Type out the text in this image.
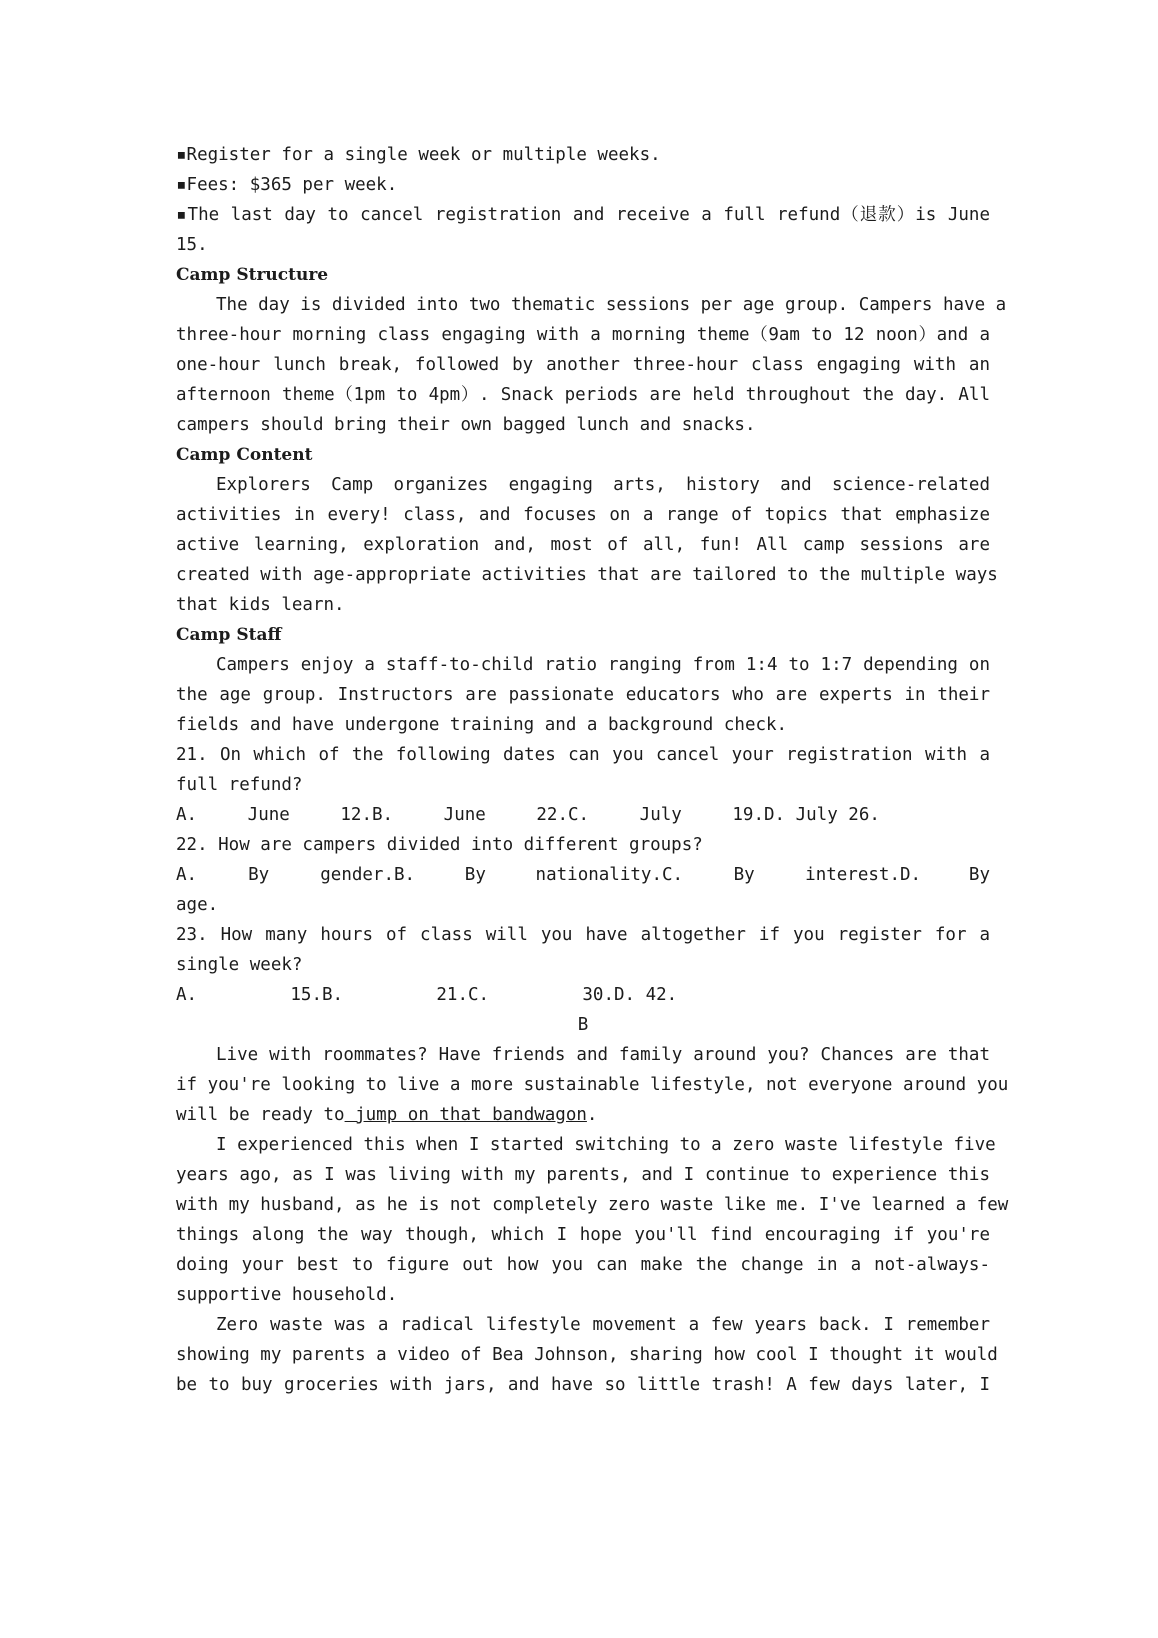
▪Register for a single week or multiple weeks.
▪Fees: $365 per week.
▪The last day to cancel registration and receive a full refund（退款）is June
15.
Camp Structure
The day is divided into two thematic sessions per age group. Campers have a
three-hour morning class engaging with a morning theme（9am to 12 noon）and a
one-hour lunch break, followed by another three-hour class engaging with an
afternoon theme（1pm to 4pm）. Snack periods are held throughout the day. All
campers should bring their own bagged lunch and snacks.
Camp Content
Explorers Camp organizes engaging arts, history and science-related
activities in every! class, and focuses on a range of topics that emphasize
active learning, exploration and, most of all, fun! All camp sessions are
created with age-appropriate activities that are tailored to the multiple ways
that kids learn.
Camp Staff
Campers enjoy a staff-to-child ratio ranging from 1:4 to 1:7 depending on
the age group. Instructors are passionate educators who are experts in their
fields and have undergone training and a background check.
21. On which of the following dates can you cancel your registration with a
full refund?
A. June 12. B. June 22. C. July 19. D. July 26.
22. How are campers divided into different groups?
A. By gender. B. By nationality. C. By interest. D. By
age.
23. How many hours of class will you have altogether if you register for a
single week?
A. 15. B. 21. C. 30. D. 42.
B
Live with roommates? Have friends and family around you? Chances are that
if you're looking to live a more sustainable lifestyle, not everyone around you
will be ready to jump on that bandwagon.
I experienced this when I started switching to a zero waste lifestyle five
years ago, as I was living with my parents, and I continue to experience this
with my husband, as he is not completely zero waste like me. I've learned a few
things along the way though, which I hope you'll find encouraging if you're
doing your best to figure out how you can make the change in a not-always-
supportive household.
Zero waste was a radical lifestyle movement a few years back. I remember
showing my parents a video of Bea Johnson, sharing how cool I thought it would
be to buy groceries with jars, and have so little trash! A few days later, I
